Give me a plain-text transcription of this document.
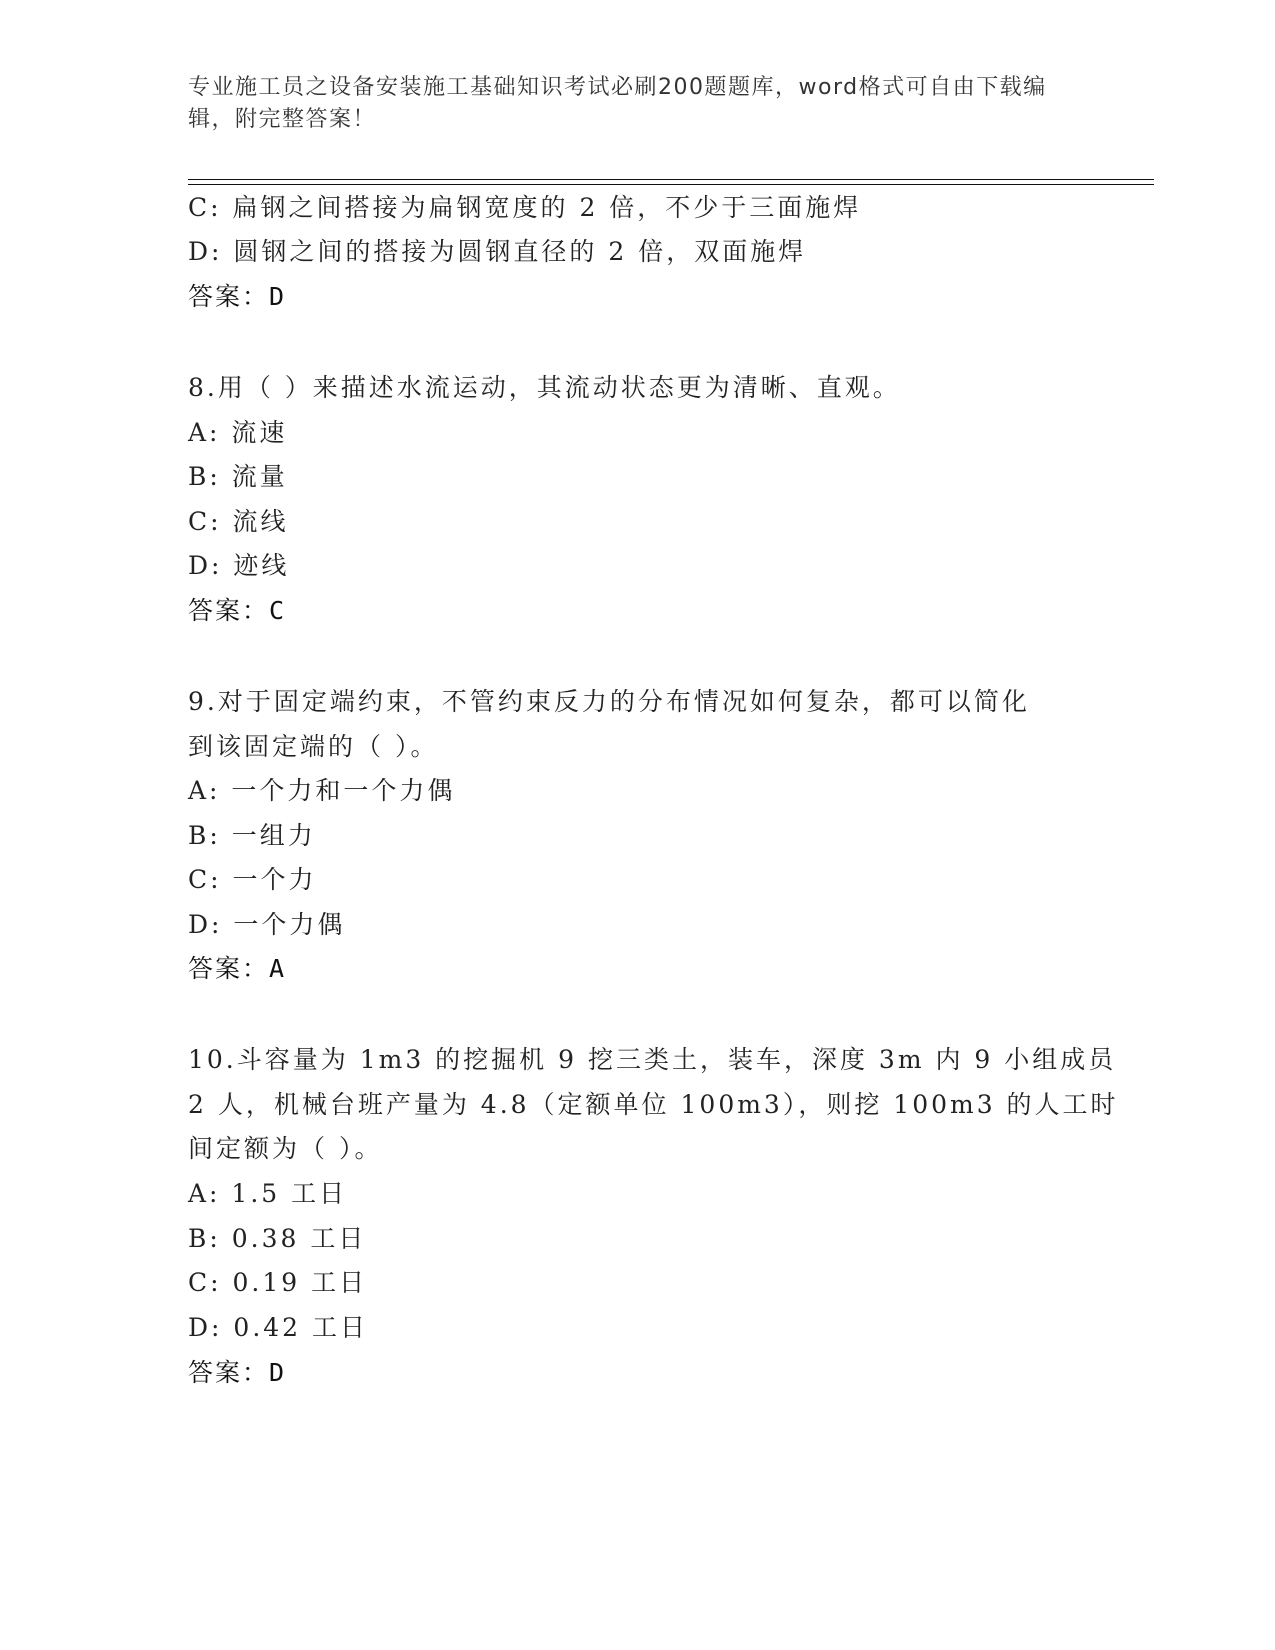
专业施工员之设备安装施工基础知识考试必刷200题题库，word格式可自由下载编辑，附完整答案！
C: 扁钢之间搭接为扁钢宽度的 2 倍，不少于三面施焊
D: 圆钢之间的搭接为圆钢直径的 2 倍，双面施焊
答案：D
8.用（ ）来描述水流运动，其流动状态更为清晰、直观。
A: 流速
B: 流量
C: 流线
D: 迹线
答案：C
9.对于固定端约束，不管约束反力的分布情况如何复杂，都可以简化
到该固定端的（ ）。
A: 一个力和一个力偶
B: 一组力
C: 一个力
D: 一个力偶
答案：A
10.斗容量为 1m3 的挖掘机 9 挖三类土，装车，深度 3m 内 9 小组成员
2 人，机械台班产量为 4.8（定额单位 100m3），则挖 100m3 的人工时
间定额为（ ）。
A: 1.5 工日
B: 0.38 工日
C: 0.19 工日
D: 0.42 工日
答案：D
